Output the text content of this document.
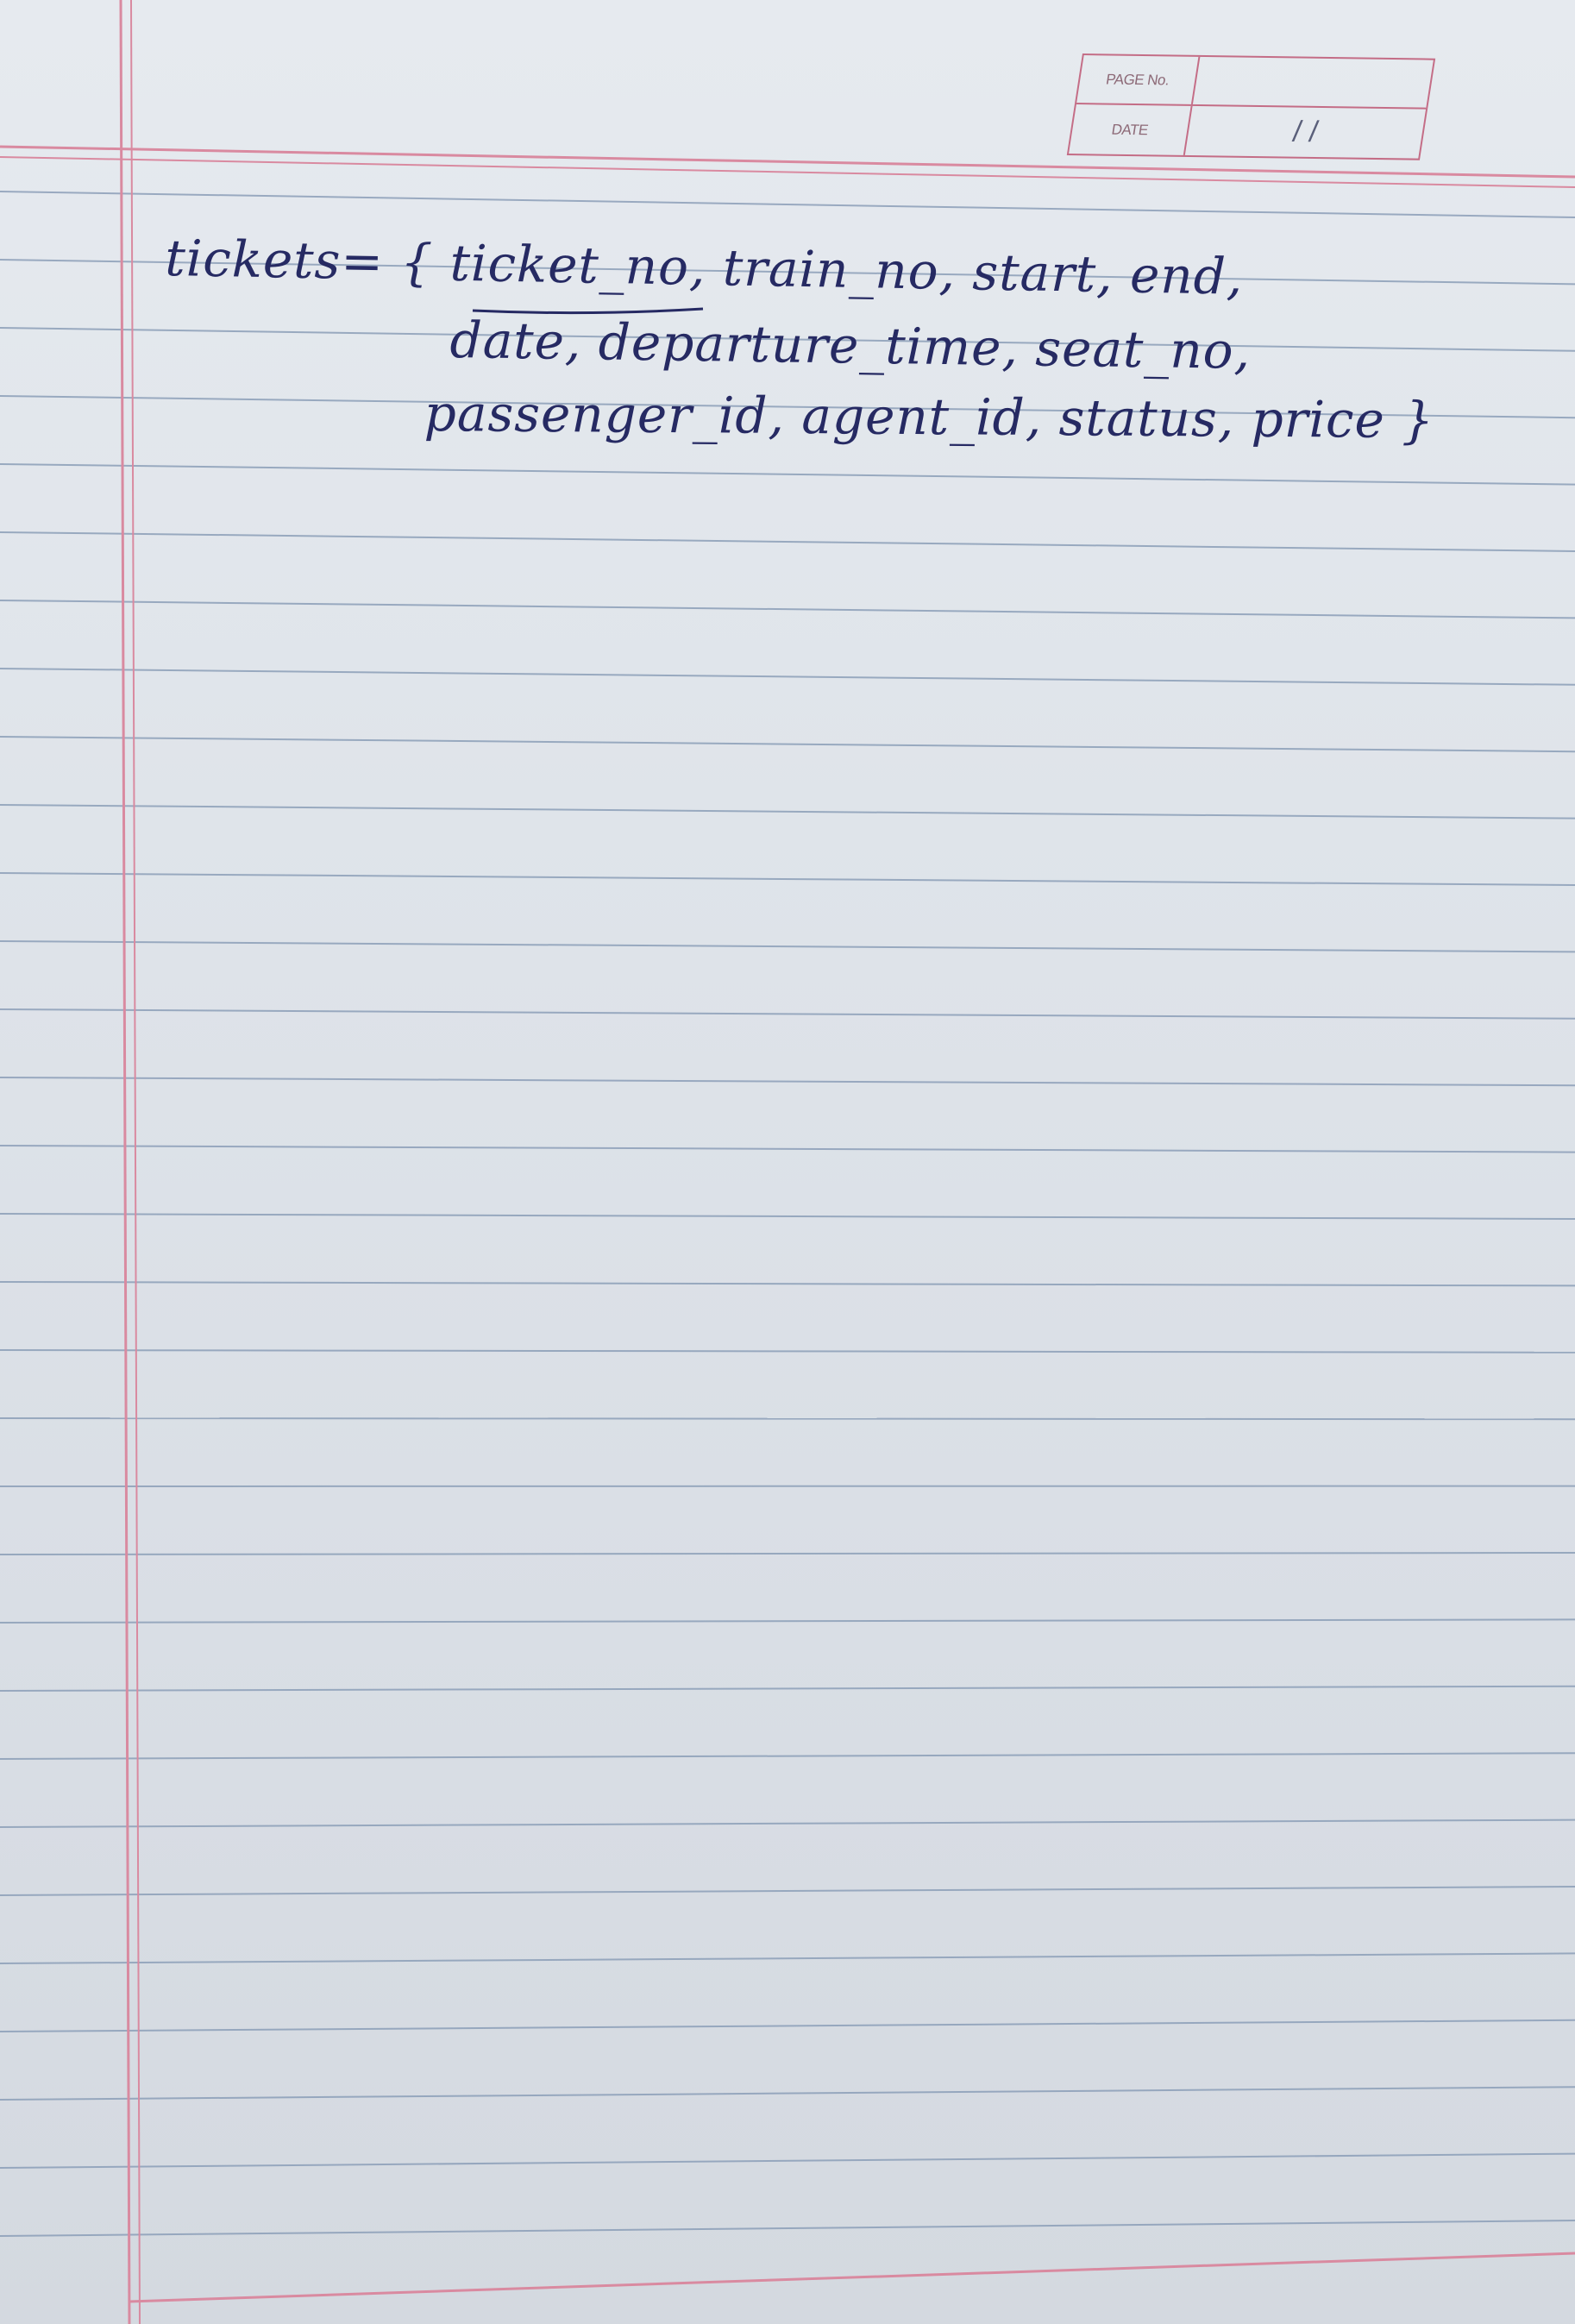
PAGE No.
DATE	/ /
tickets= { ticket_no, train_no, start, end,
date, departure_time, seat_no,
passenger_id, agent_id, status, price }
